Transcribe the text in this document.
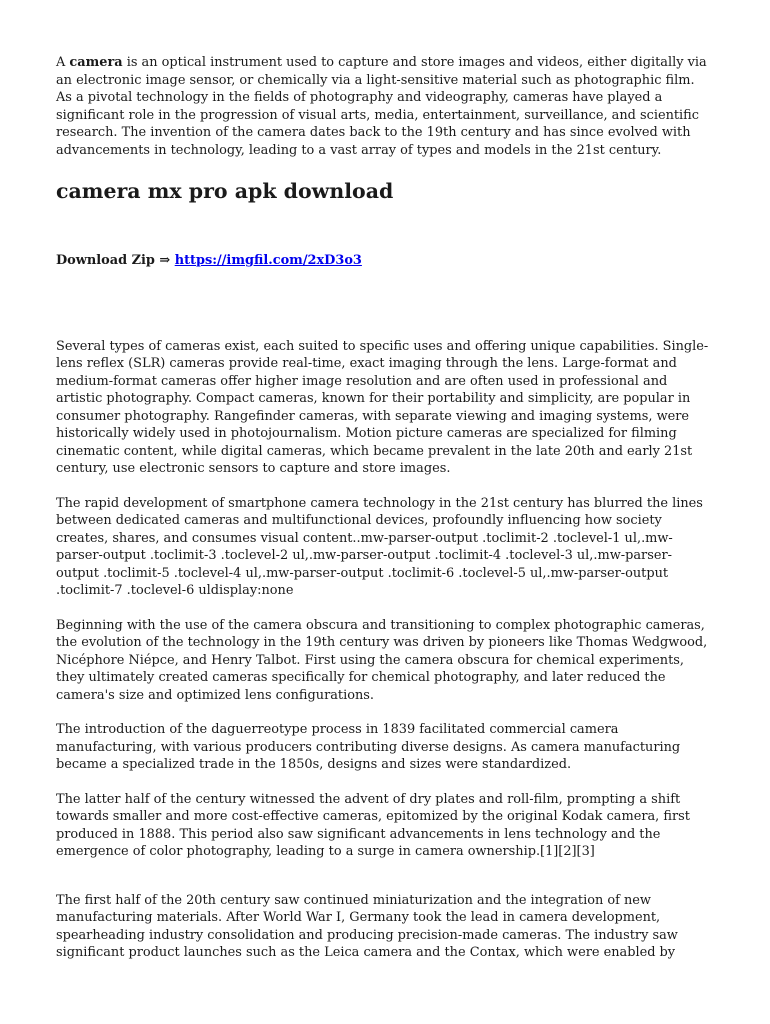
A camera is an optical instrument used to capture and store images and videos, either digitally via an electronic image sensor, or chemically via a light-sensitive material such as photographic film. As a pivotal technology in the fields of photography and videography, cameras have played a significant role in the progression of visual arts, media, entertainment, surveillance, and scientific research. The invention of the camera dates back to the 19th century and has since evolved with advancements in technology, leading to a vast array of types and models in the 21st century.

camera mx pro apk download

Download Zip ⇒ https://imgfil.com/2xD3o3

Several types of cameras exist, each suited to specific uses and offering unique capabilities. Single-lens reflex (SLR) cameras provide real-time, exact imaging through the lens. Large-format and medium-format cameras offer higher image resolution and are often used in professional and artistic photography. Compact cameras, known for their portability and simplicity, are popular in consumer photography. Rangefinder cameras, with separate viewing and imaging systems, were historically widely used in photojournalism. Motion picture cameras are specialized for filming cinematic content, while digital cameras, which became prevalent in the late 20th and early 21st century, use electronic sensors to capture and store images.

The rapid development of smartphone camera technology in the 21st century has blurred the lines between dedicated cameras and multifunctional devices, profoundly influencing how society creates, shares, and consumes visual content..mw-parser-output .toclimit-2 .toclevel-1 ul,.mw-parser-output .toclimit-3 .toclevel-2 ul,.mw-parser-output .toclimit-4 .toclevel-3 ul,.mw-parser-output .toclimit-5 .toclevel-4 ul,.mw-parser-output .toclimit-6 .toclevel-5 ul,.mw-parser-output .toclimit-7 .toclevel-6 uldisplay:none

Beginning with the use of the camera obscura and transitioning to complex photographic cameras, the evolution of the technology in the 19th century was driven by pioneers like Thomas Wedgwood, Nicéphore Niépce, and Henry Talbot. First using the camera obscura for chemical experiments, they ultimately created cameras specifically for chemical photography, and later reduced the camera's size and optimized lens configurations.

The introduction of the daguerreotype process in 1839 facilitated commercial camera manufacturing, with various producers contributing diverse designs. As camera manufacturing became a specialized trade in the 1850s, designs and sizes were standardized.

The latter half of the century witnessed the advent of dry plates and roll-film, prompting a shift towards smaller and more cost-effective cameras, epitomized by the original Kodak camera, first produced in 1888. This period also saw significant advancements in lens technology and the emergence of color photography, leading to a surge in camera ownership.[1][2][3]

The first half of the 20th century saw continued miniaturization and the integration of new manufacturing materials. After World War I, Germany took the lead in camera development, spearheading industry consolidation and producing precision-made cameras. The industry saw significant product launches such as the Leica camera and the Contax, which were enabled by
